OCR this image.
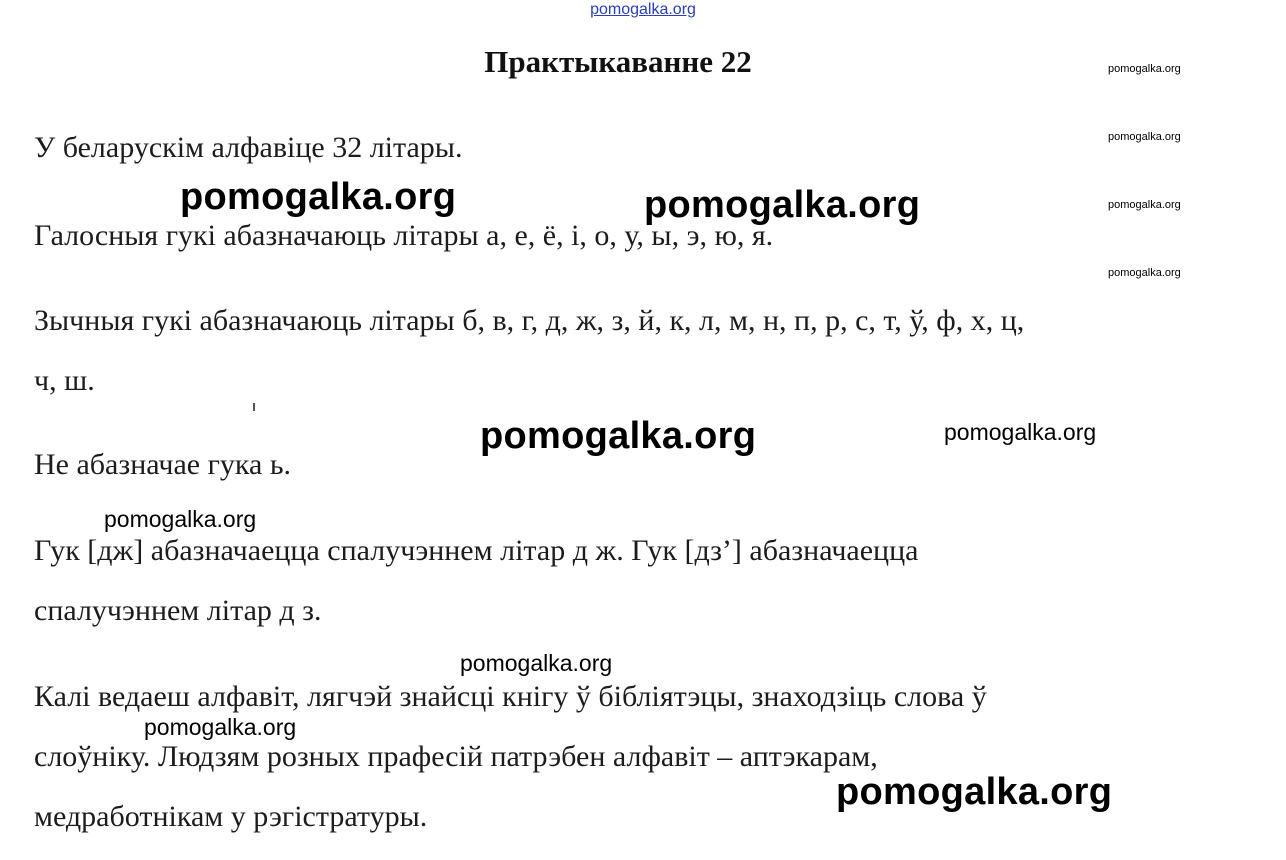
pomogalka.org
Практыкаванне 22

У беларускім алфавіце 32 літары.

Галосныя гукі абазначаюць літары а, е, ё, і, о, у, ы, э, ю, я.

Зычныя гукі абазначаюць літары б, в, г, д, ж, з, й, к, л, м, н, п, р, с, т, ў, ф, х, ц,
ч, ш.

Не абазначае гука ь.

Гук [дж] абазначаецца спалучэннем літар д ж. Гук [дз’] абазначаецца
спалучэннем літар д з.

Калі ведаеш алфавіт, лягчэй знайсці кнігу ў бібліятэцы, знаходзіць слова ў
слоўніку. Людзям розных прафесій патрэбен алфавіт – аптэкарам,
медработнікам у рэгістратуры.

pomogalka.org
pomogalka.org
pomogalka.org
pomogalka.org
pomogalka.org	pomogalka.org
pomogalka.org
pomogalka.org
pomogalka.org
pomogalka.org
pomogalka.org
pomogalka.org
